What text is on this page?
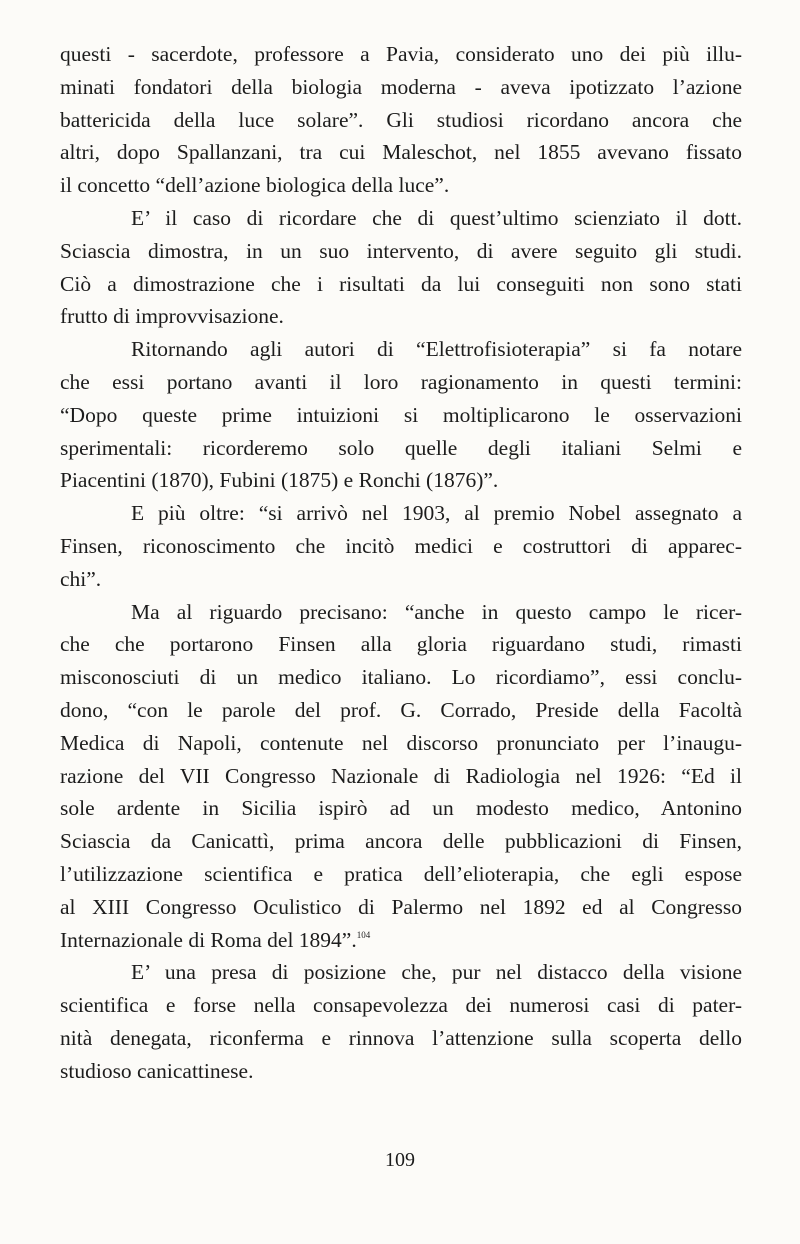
questi - sacerdote, professore a Pavia, considerato uno dei più illu-
minati fondatori della biologia moderna - aveva ipotizzato l’azione
battericida della luce solare”. Gli studiosi ricordano ancora che
altri, dopo Spallanzani, tra cui Maleschot, nel 1855 avevano fissato
il concetto “dell’azione biologica della luce”.

E’ il caso di ricordare che di quest’ultimo scienziato il dott.
Sciascia dimostra, in un suo intervento, di avere seguito gli studi.
Ciò a dimostrazione che i risultati da lui conseguiti non sono stati
frutto di improvvisazione.

Ritornando agli autori di “Elettrofisioterapia” si fa notare
che essi portano avanti il loro ragionamento in questi termini:
“Dopo queste prime intuizioni si moltiplicarono le osservazioni
sperimentali: ricorderemo solo quelle degli italiani Selmi e
Piacentini (1870), Fubini (1875) e Ronchi (1876)”.

E più oltre: “si arrivò nel 1903, al premio Nobel assegnato a
Finsen, riconoscimento che incitò medici e costruttori di apparec-
chi”.

Ma al riguardo precisano: “anche in questo campo le ricer-
che che portarono Finsen alla gloria riguardano studi, rimasti
misconosciuti di un medico italiano. Lo ricordiamo”, essi conclu-
dono, “con le parole del prof. G. Corrado, Preside della Facoltà
Medica di Napoli, contenute nel discorso pronunciato per l’inaugu-
razione del VII Congresso Nazionale di Radiologia nel 1926: “Ed il
sole ardente in Sicilia ispirò ad un modesto medico, Antonino
Sciascia da Canicattì, prima ancora delle pubblicazioni di Finsen,
l’utilizzazione scientifica e pratica dell’elioterapia, che egli espose
al XIII Congresso Oculistico di Palermo nel 1892 ed al Congresso
Internazionale di Roma del 1894”.$^{104}$

E’ una presa di posizione che, pur nel distacco della visione
scientifica e forse nella consapevolezza dei numerosi casi di pater-
nità denegata, riconferma e rinnova l’attenzione sulla scoperta dello
studioso canicattinese.

109
